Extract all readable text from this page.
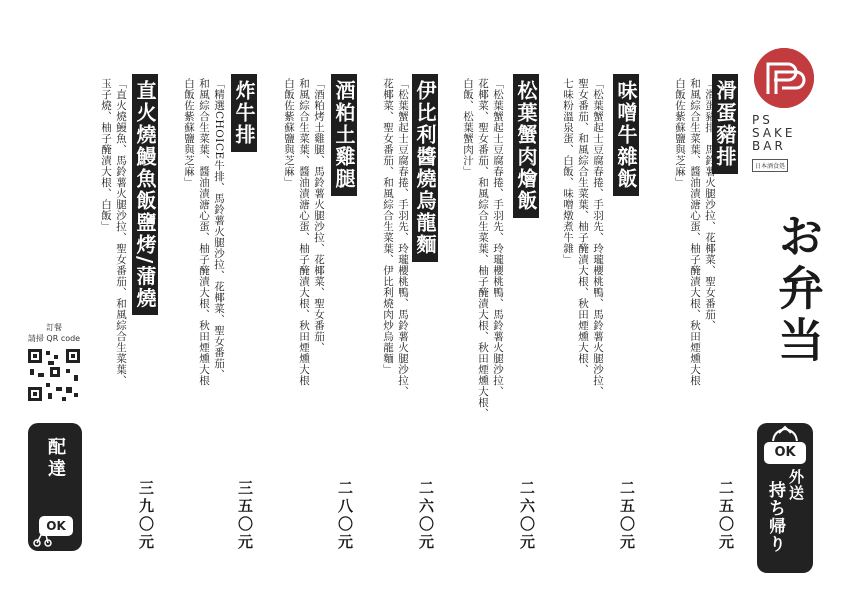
PS
SAKE
BAR
日本酒食処
お弁当
OK
外送
持ち帰り
滑蛋豬排
「滑蛋豬排、馬鈴薯火腿沙拉、花椰菜、聖女番茄、
和風綜合生菜葉、醬油漬溏心蛋、柚子醃漬大根、秋田煙燻大根
白飯佐紫蘇鹽與芝麻」
二五〇元
味噌牛雜飯
「松葉蟹起士豆腐春捲、手羽先、玲瓏櫻桃鴨、馬鈴薯火腿沙拉、
聖女番茄、和風綜合生菜葉、柚子醃漬大根、秋田煙燻大根、
七味粉溫泉蛋、白飯、味噌燉煮牛雜」
二五〇元
松葉蟹肉燴飯
「松葉蟹起士豆腐春捲、手羽先、玲瓏櫻桃鴨、馬鈴薯火腿沙拉、
花椰菜、聖女番茄、和風綜合生菜葉、柚子醃漬大根、秋田煙燻大根、
白飯、松葉蟹肉汁」
二六〇元
伊比利醬燒烏龍麵
「松葉蟹起士豆腐春捲、手羽先、玲瓏櫻桃鴨、馬鈴薯火腿沙拉、
花椰菜、聖女番茄、和風綜合生菜葉、伊比利燒肉炒烏龍麵」
二六〇元
酒粕土雞腿
「酒粕烤土雞腿、馬鈴薯火腿沙拉、花椰菜、聖女番茄、
和風綜合生菜葉、醬油漬溏心蛋、柚子醃漬大根、秋田煙燻大根
白飯佐紫蘇鹽與芝麻」
二八〇元
炸牛排
「精選CHOICE牛排、馬鈴薯火腿沙拉、花椰菜、聖女番茄、
和風綜合生菜葉、醬油漬溏心蛋、柚子醃漬大根、秋田煙燻大根
白飯佐紫蘇鹽與芝麻」
三五〇元
直火燒鰻魚飯鹽烤/蒲燒
「直火燒鰻魚、馬鈴薯火腿沙拉、聖女番茄、和風綜合生菜葉、
玉子燒、柚子醃漬大根、白飯」
三九〇元
配達
OK
訂餐
請掃 QR code
